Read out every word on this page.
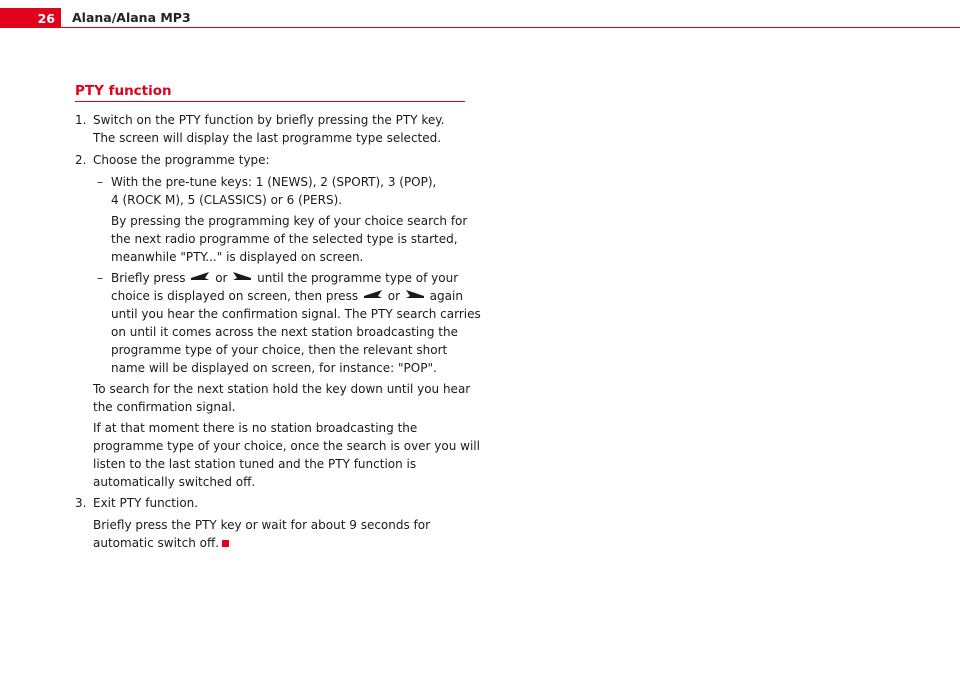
26	Alana/Alana MP3
PTY function
1. Switch on the PTY function by briefly pressing the PTY key.

The screen will display the last programme type selected.

2. Choose the programme type:

– With the pre-tune keys: 1 (NEWS), 2 (SPORT), 3 (POP),

4 (ROCK M), 5 (CLASSICS) or 6 (PERS).

By pressing the programming key of your choice search for

the next radio programme of the selected type is started,

meanwhile "PTY..." is displayed on screen.

– Briefly press or until the programme type of your

choice is displayed on screen, then press or again

until you hear the confirmation signal. The PTY search carries

on until it comes across the next station broadcasting the

programme type of your choice, then the relevant short

name will be displayed on screen, for instance: "POP".

To search for the next station hold the key down until you hear

the confirmation signal.

If at that moment there is no station broadcasting the

programme type of your choice, once the search is over you will

listen to the last station tuned and the PTY function is

automatically switched off.

3. Exit PTY function.

Briefly press the PTY key or wait for about 9 seconds for

automatic switch off.
